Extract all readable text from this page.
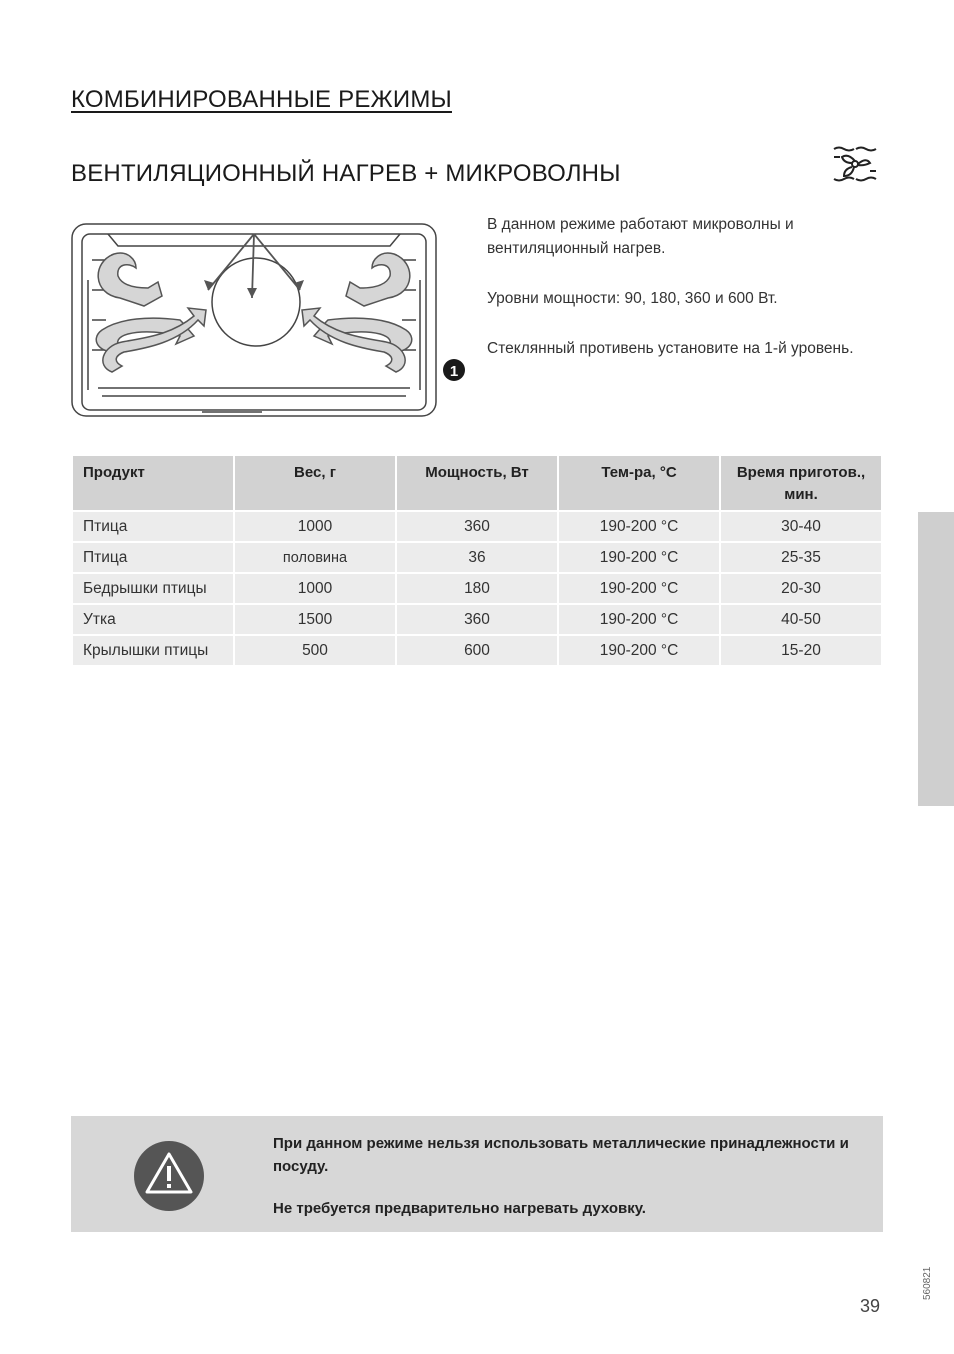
КОМБИНИРОВАННЫЕ РЕЖИМЫ
ВЕНТИЛЯЦИОННЫЙ НАГРЕВ + МИКРОВОЛНЫ
1

В данном режиме работают микроволны и вентиляционный нагрев.

Уровни мощности: 90, 180, 360 и 600 Вт.

Стеклянный противень установите на 1-й уровень.

Продукт	Вес, г	Мощность, Вт	Тем-ра, °C	Время приготов., мин.
Птица	1000	360	190-200 °C	30-40
Птица	половина	36	190-200 °C	25-35
Бедрышки птицы	1000	180	190-200 °C	20-30
Утка	1500	360	190-200 °C	40-50
Крылышки птицы	500	600	190-200 °C	15-20

При данном режиме нельзя использовать металлические принадлежности и посуду.

Не требуется предварительно нагревать духовку.

39
560821
